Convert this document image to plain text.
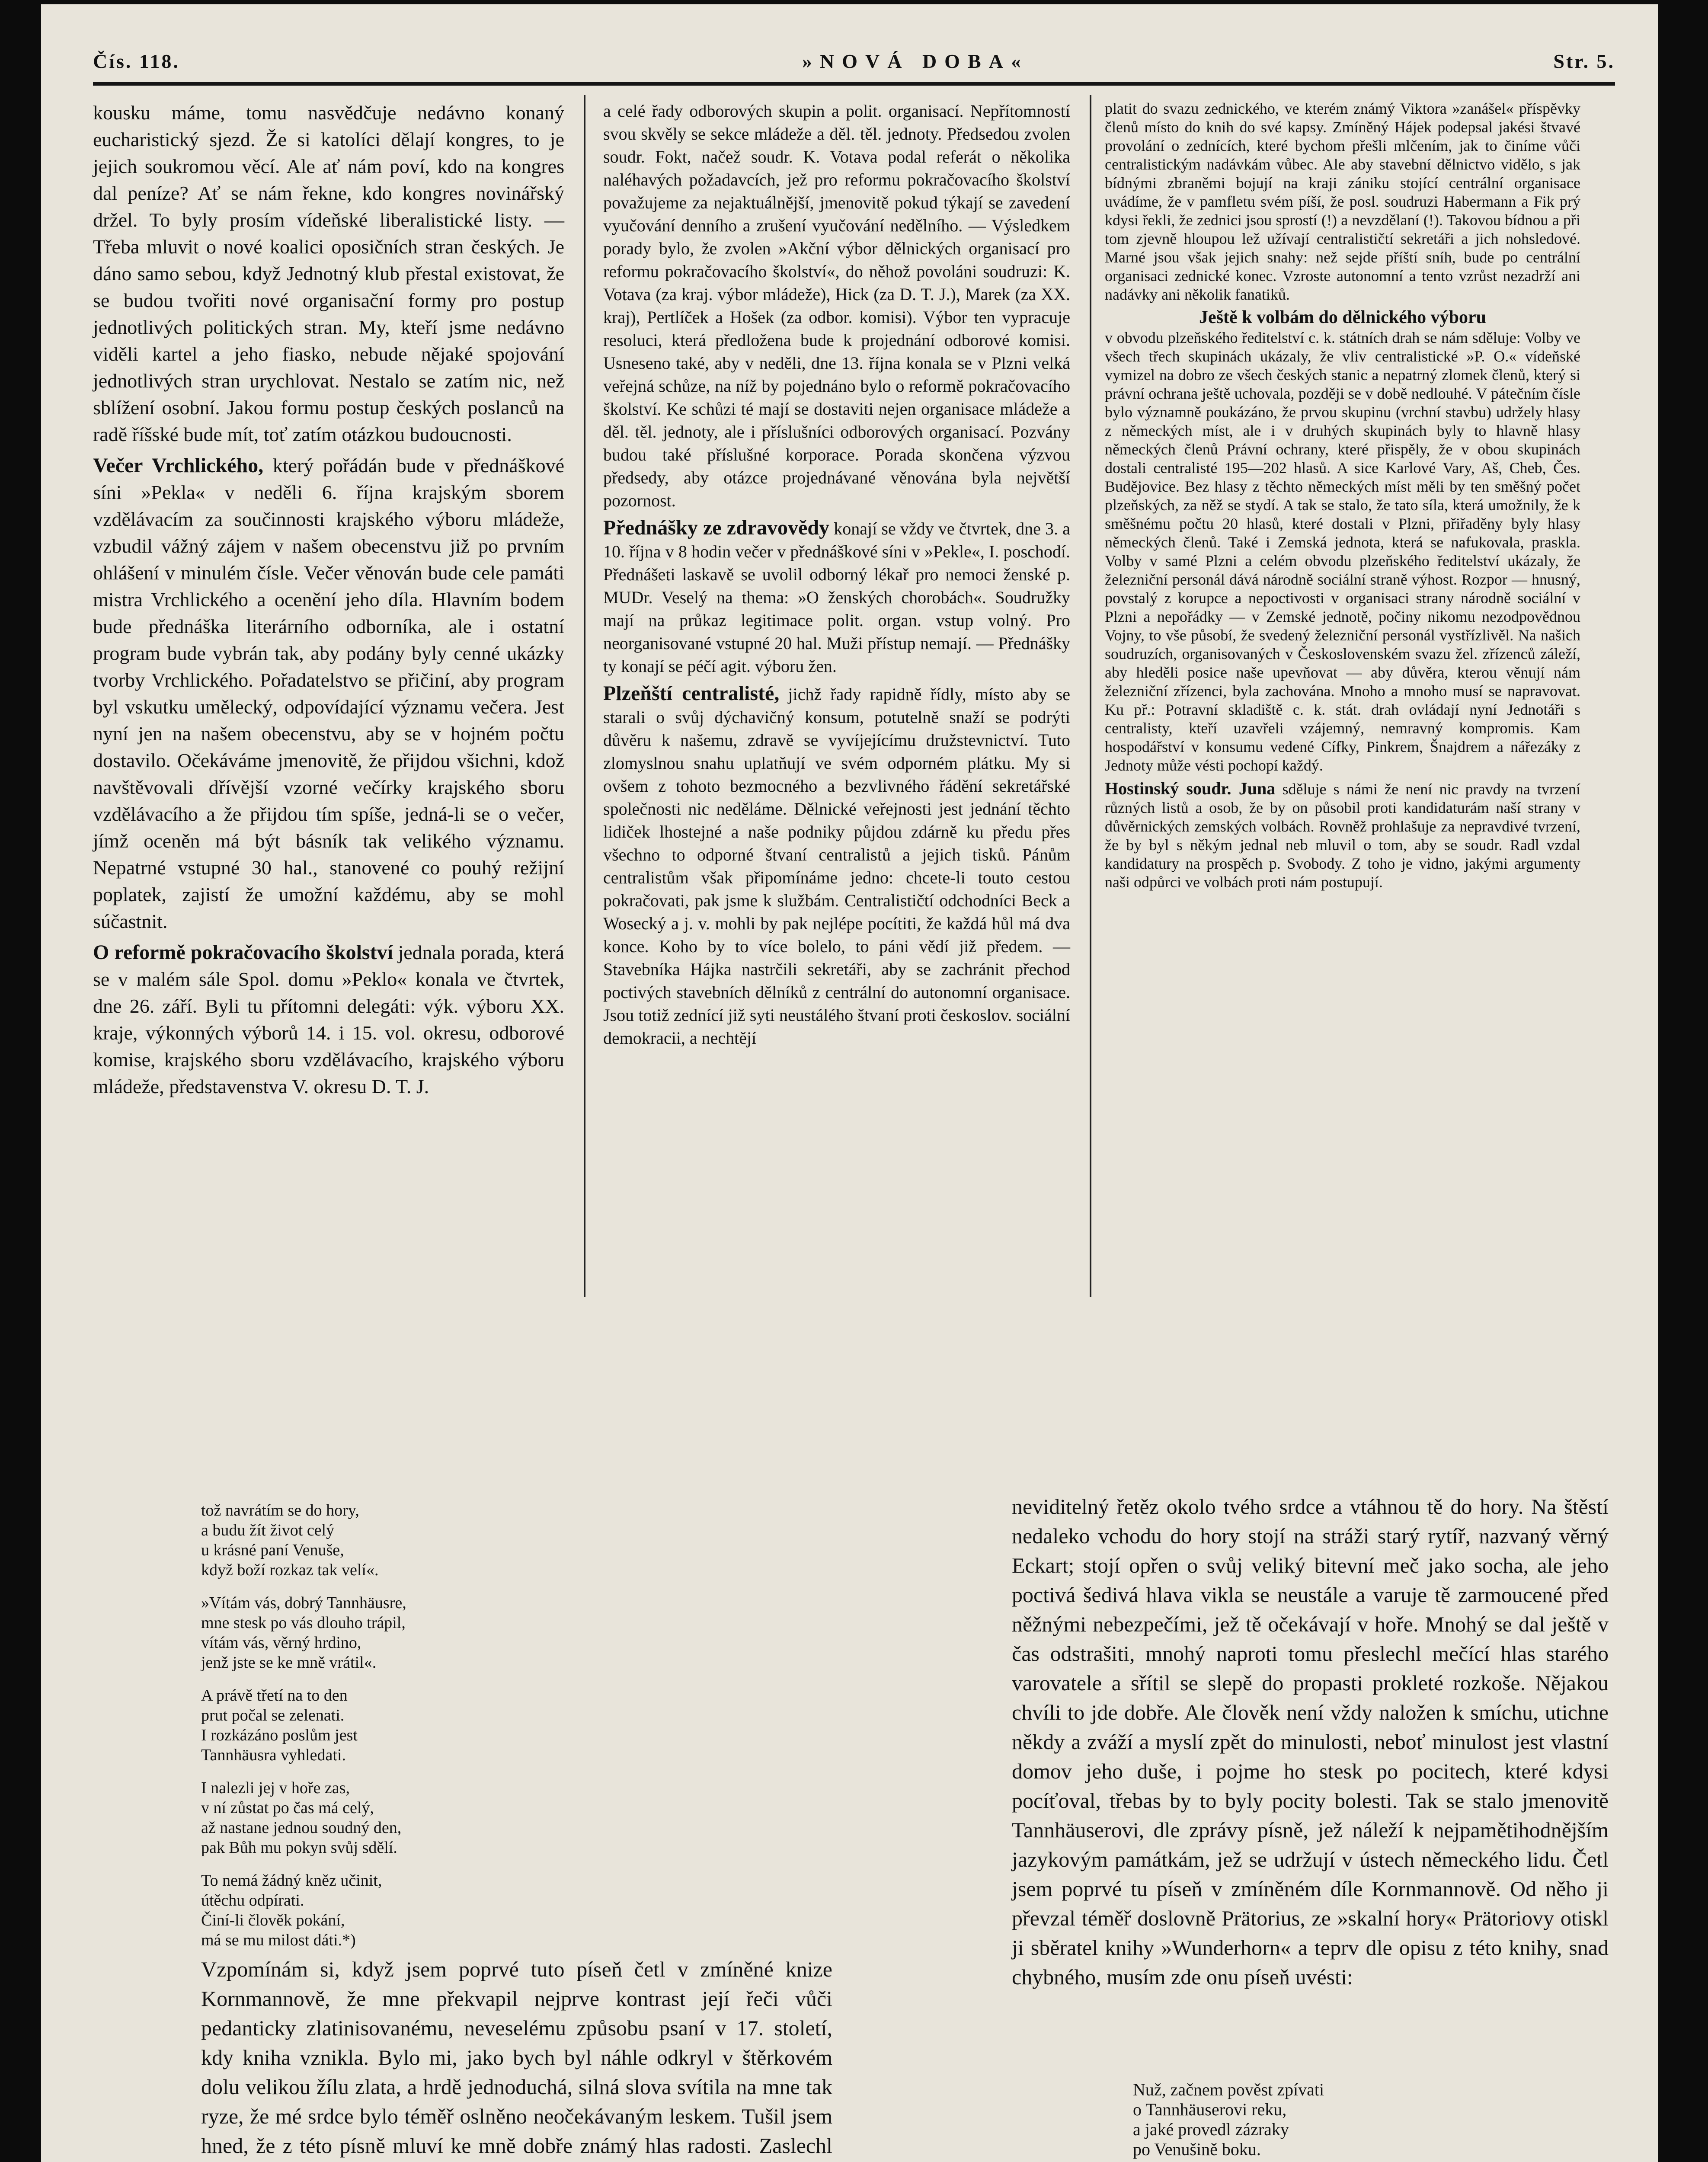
Čís. 118.	»NOVÁ DOBA«	Str. 5.

kousku máme, tomu nasvědčuje nedávno konaný eucharistický sjezd. Že si katolíci dělají kongres, to je jejich soukromou věcí. Ale ať nám poví, kdo na kongres dal peníze? Ať se nám řekne, kdo kongres novinářský držel. To byly prosím vídeňské liberalistické listy. — Třeba mluvit o nové koalici oposičních stran českých. Je dáno samo sebou, když Jednotný klub přestal existovat, že se budou tvořiti nové organisační formy pro postup jednotlivých politických stran. My, kteří jsme nedávno viděli kartel a jeho fiasko, nebude nějaké spojování jednotlivých stran urychlovat. Nestalo se zatím nic, než sblížení osobní. Jakou formu postup českých poslanců na radě říšské bude mít, toť zatím otázkou budoucnosti.

Večer Vrchlického, který pořádán bude v přednáškové síni »Pekla« v neděli 6. října krajským sborem vzdělávacím za součinnosti krajského výboru mládeže, vzbudil vážný zájem v našem obecenstvu již po prvním ohlášení v minulém čísle. Večer věnován bude cele památi mistra Vrchlického a ocenění jeho díla. Hlavním bodem bude přednáška literárního odborníka, ale i ostatní program bude vybrán tak, aby podány byly cenné ukázky tvorby Vrchlického. Pořadatelstvo se přičiní, aby program byl vskutku umělecký, odpovídající významu večera. Jest nyní jen na našem obecenstvu, aby se v hojném počtu dostavilo. Očekáváme jmenovitě, že přijdou všichni, kdož navštěvovali dřívější vzorné večírky krajského sboru vzdělávacího a že přijdou tím spíše, jedná-li se o večer, jímž oceněn má být básník tak velikého významu. Nepatrné vstupné 30 hal., stanovené co pouhý režijní poplatek, zajistí že umožní každému, aby se mohl súčastnit.

O reformě pokračovacího školství jednala porada, která se v malém sále Spol. domu »Peklo« konala ve čtvrtek, dne 26. září. Byli tu přítomni delegáti: výk. výboru XX. kraje, výkonných výborů 14. i 15. vol. okresu, odborové komise, krajského sboru vzdělávacího, krajského výboru mládeže, představenstva V. okresu D. T. J.

a celé řady odborových skupin a polit. organisací. Nepřítomností svou skvěly se sekce mládeže a děl. těl. jednoty. Předsedou zvolen soudr. Fokt, načež soudr. K. Votava podal referát o několika naléhavých požadavcích, jež pro reformu pokračovacího školství považujeme za nejaktuálnější, jmenovitě pokud týkají se zavedení vyučování denního a zrušení vyučování nedělního. — Výsledkem porady bylo, že zvolen »Akční výbor dělnických organisací pro reformu pokračovacího školství«, do něhož povoláni soudruzi: K. Votava (za kraj. výbor mládeže), Hick (za D. T. J.), Marek (za XX. kraj), Pertlíček a Hošek (za odbor. komisi). Výbor ten vypracuje resoluci, která předložena bude k projednání odborové komisi. Usneseno také, aby v neděli, dne 13. října konala se v Plzni velká veřejná schůze, na níž by pojednáno bylo o reformě pokračovacího školství. Ke schůzi té mají se dostaviti nejen organisace mládeže a děl. těl. jednoty, ale i příslušníci odborových organisací. Pozvány budou také příslušné korporace. Porada skončena výzvou předsedy, aby otázce projednávané věnována byla největší pozornost.

Přednášky ze zdravovědy konají se vždy ve čtvrtek, dne 3. a 10. října v 8 hodin večer v přednáškové síni v »Pekle«, I. poschodí. Přednášeti laskavě se uvolil odborný lékař pro nemoci ženské p. MUDr. Veselý na thema: »O ženských chorobách«. Soudružky mají na průkaz legitimace polit. organ. vstup volný. Pro neorganisované vstupné 20 hal. Muži přístup nemají. — Přednášky ty konají se péčí agit. výboru žen.

Plzeňští centralisté, jichž řady rapidně řídly, místo aby se starali o svůj dýchavičný konsum, potutelně snaží se podrýti důvěru k našemu, zdravě se vyvíjejícímu družstevnictví. Tuto zlomyslnou snahu uplatňují ve svém odporném plátku. My si ovšem z tohoto bezmocného a bezvlivného řádění sekretářské společnosti nic neděláme. Dělnické veřejnosti jest jednání těchto lidiček lhostejné a naše podniky půjdou zdárně ku předu přes všechno to odporné štvaní centralistů a jejich tisků. Pánům centralistům však připomínáme jedno: chcete-li touto cestou pokračovati, pak jsme k službám. Centralističtí odchodníci Beck a Wosecký a j. v. mohli by pak nejlépe pocítiti, že každá hůl má dva konce. Koho by to více bolelo, to páni vědí již předem. — Stavebníka Hájka nastrčili sekretáři, aby se zachránit přechod poctivých stavebních dělníků z centrální do autonomní organisace. Jsou totiž zednící již syti neustálého štvaní proti českoslov. sociální demokracii, a nechtějí

platit do svazu zednického, ve kterém známý Viktora »zanášel« příspěvky členů místo do knih do své kapsy. Zmíněný Hájek podepsal jakési štvavé provolání o zednících, které bychom přešli mlčením, jak to činíme vůči centralistickým nadávkám vůbec. Ale aby stavební dělnictvo vidělo, s jak bídnými zbraněmi bojují na kraji zániku stojící centrální organisace uvádíme, že v pamfletu svém píší, že posl. soudruzi Habermann a Fik prý kdysi řekli, že zednici jsou sprostí (!) a nevzdělaní (!). Takovou bídnou a při tom zjevně hloupou lež užívají centralističtí sekretáři a jich nohsledové. Marné jsou však jejich snahy: než sejde příští sníh, bude po centrální organisaci zednické konec. Vzroste autonomní a tento vzrůst nezadrží ani nadávky ani několik fanatiků.

Ještě k volbám do dělnického výboru

v obvodu plzeňského ředitelství c. k. státních drah se nám sděluje: Volby ve všech třech skupinách ukázaly, že vliv centralistické »P. O.« vídeňské vymizel na dobro ze všech českých stanic a nepatrný zlomek členů, který si právní ochrana ještě uchovala, později se v době nedlouhé. V pátečním čísle bylo významně poukázáno, že prvou skupinu (vrchní stavbu) udržely hlasy z německých míst, ale i v druhých skupinách byly to hlavně hlasy německých členů Právní ochrany, které přispěly, že v obou skupinách dostali centralisté 195—202 hlasů. A sice Karlové Vary, Aš, Cheb, Čes. Budějovice. Bez hlasy z těchto německých míst měli by ten směšný počet plzeňských, za něž se stydí. A tak se stalo, že tato síla, která umožnily, že k směšnému počtu 20 hlasů, které dostali v Plzni, přiřaděny byly hlasy německých členů. Také i Zemská jednota, která se nafukovala, praskla. Volby v samé Plzni a celém obvodu plzeňského ředitelství ukázaly, že železniční personál dává národně sociální straně výhost. Rozpor — hnusný, povstalý z korupce a nepoctivosti v organisaci strany národně sociální v Plzni a nepořádky — v Zemské jednotě, počiny nikomu nezodpovědnou Vojny, to vše působí, že svedený železniční personál vystřízlivěl. Na našich soudruzích, organisovaných v Československém svazu žel. zřízenců záleží, aby hleděli posice naše upevňovat — aby důvěra, kterou věnují nám železniční zřízenci, byla zachována. Mnoho a mnoho musí se napravovat. Ku př.: Potravní skladiště c. k. stát. drah ovládají nyní Jednotáři s centralisty, kteří uzavřeli vzájemný, nemravný kompromis. Kam hospodářství v konsumu vedené Cífky, Pinkrem, Šnajdrem a nářezáky z Jednoty může vésti pochopí každý.

Hostinský soudr. Juna sděluje s námi že není nic pravdy na tvrzení různých listů a osob, že by on působil proti kandidaturám naší strany v důvěrnických zemských volbách. Rovněž prohlašuje za nepravdivé tvrzení, že by byl s někým jednal neb mluvil o tom, aby se soudr. Radl vzdal kandidatury na prospěch p. Svobody. Z toho je vidno, jakými argumenty naši odpůrci ve volbách proti nám postupují.

tož navrátím se do hory,
a budu žít život celý
u krásné paní Venuše,
když boží rozkaz tak velí«.
»Vítám vás, dobrý Tannhäusre,
mne stesk po vás dlouho trápil,
vítám vás, věrný hrdino,
jenž jste se ke mně vrátil«.
A právě třetí na to den
prut počal se zelenati.
I rozkázáno poslům jest
Tannhäusra vyhledati.
I nalezli jej v hoře zas,
v ní zůstat po čas má celý,
až nastane jednou soudný den,
pak Bůh mu pokyn svůj sdělí.
To nemá žádný kněz učinit,
útěchu odpírati.
Činí-li člověk pokání,
má se mu milost dáti.*)
Vzpomínám si, když jsem poprvé tuto píseň četl v zmíněné knize Kornmannově, že mne překvapil nejprve kontrast její řeči vůči pedanticky zlatinisovanému, neveselému způsobu psaní v 17. století, kdy kniha vznikla. Bylo mi, jako bych byl náhle odkryl v štěrkovém dolu velikou žílu zlata, a hrdě jednoduchá, silná slova svítila na mne tak ryze, že mé srdce bylo téměř oslněno neočekávaným leskem. Tušil jsem hned, že z této písně mluví ke mně dobře známý hlas radosti. Zaslechl
neviditelný řetěz okolo tvého srdce a vtáhnou tě do hory. Na štěstí nedaleko vchodu do hory stojí na stráži starý rytíř, nazvaný věrný Eckart; stojí opřen o svůj veliký bitevní meč jako socha, ale jeho poctivá šedivá hlava vikla se neustále a varuje tě zarmoucené před něžnými nebezpečími, jež tě očekávají v hoře. Mnohý se dal ještě v čas odstrašiti, mnohý naproti tomu přeslechl mečící hlas starého varovatele a sřítil se slepě do propasti prokleté rozkoše. Nějakou chvíli to jde dobře. Ale člověk není vždy naložen k smíchu, utichne někdy a zváží a myslí zpět do minulosti, neboť minulost jest vlastní domov jeho duše, i pojme ho stesk po pocitech, které kdysi pocíťoval, třebas by to byly pocity bolesti. Tak se stalo jmenovitě Tannhäuserovi, dle zprávy písně, jež náleží k nejpamětihodnějším jazykovým památkám, jež se udržují v ústech německého lidu. Četl jsem poprvé tu píseň v zmíněném díle Kornmannově. Od něho ji převzal téměř doslovně Prätorius, ze »skalní hory« Prätoriovy otiskl ji sběratel knihy »Wunderhorn« a teprv dle opisu z této knihy, snad chybného, musím zde onu píseň uvésti:
Nuž, začnem pověst zpívati
o Tannhäuserovi reku,
a jaké provedl zázraky
po Venušině boku.
